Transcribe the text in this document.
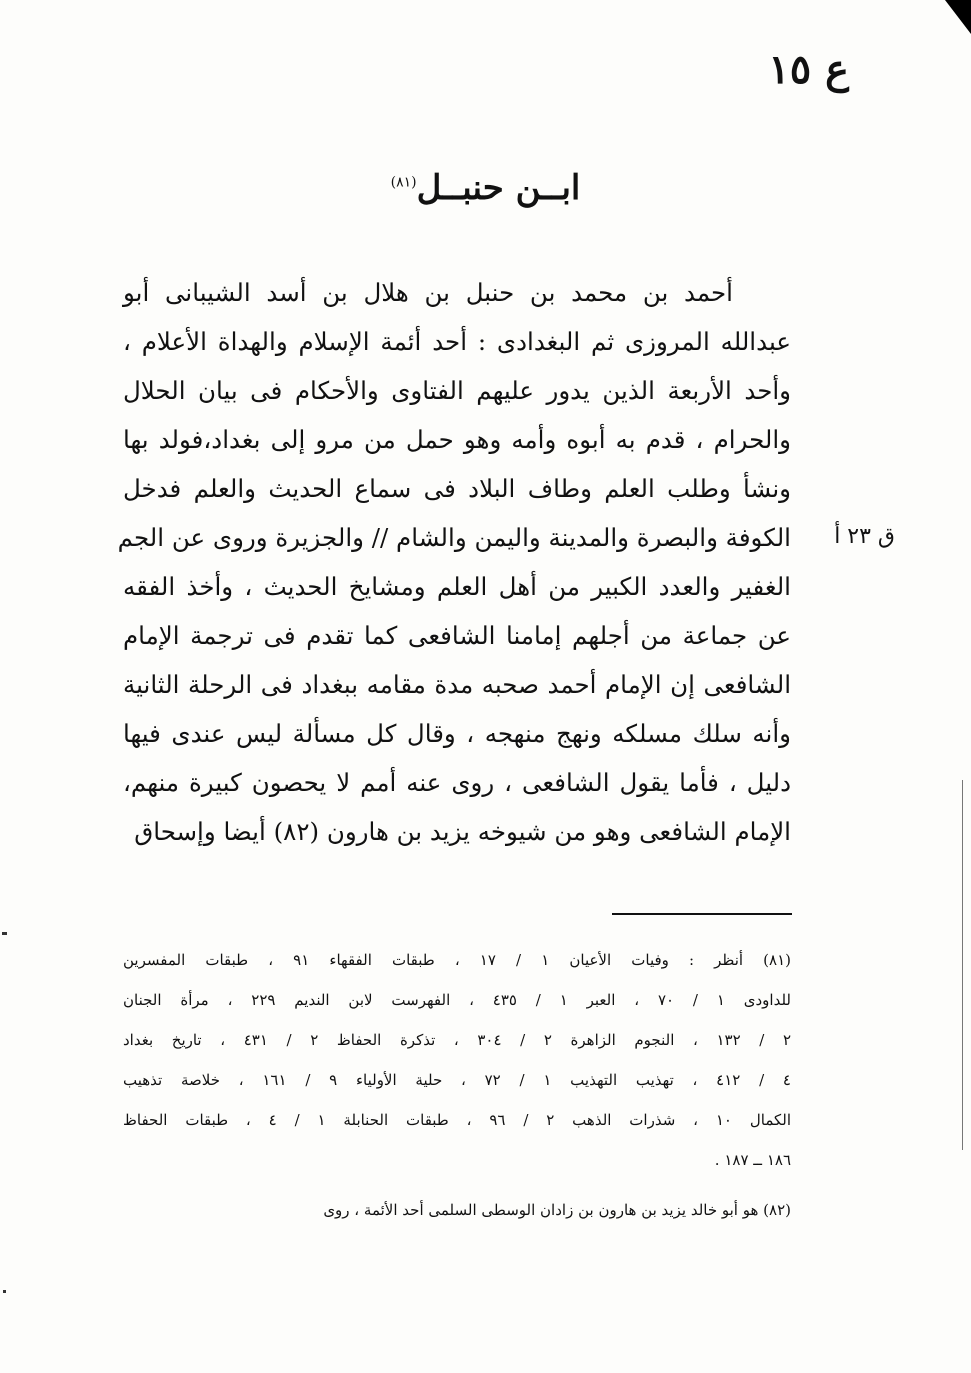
ع ١٥
ابــن حنبــل$^{(٨١)}$
أحمد بن محمد بن حنبل بن هلال بن أسد الشيبانى أبو
عبدالله المروزى ثم البغدادى : أحد أئمة الإسلام والهداة الأعلام ،
وأحد الأربعة الذين يدور عليهم الفتاوى والأحكام فى بيان الحلال
والحرام ، قدم به أبوه وأمه وهو حمل من مرو إلى بغداد،فولد بها
ونشأ وطلب العلم وطاف البلاد فى سماع الحديث والعلم فدخل
الكوفة والبصرة والمدينة واليمن والشام // والجزيرة وروى عن الجم
الغفير والعدد الكبير من أهل العلم ومشايخ الحديث ، وأخذ الفقه
عن جماعة من أجلهم إمامنا الشافعى كما تقدم فى ترجمة الإمام
الشافعى إن الإمام أحمد صحبه مدة مقامه ببغداد فى الرحلة الثانية
وأنه سلك مسلكه ونهج منهجه ، وقال كل مسألة ليس عندى فيها
دليل ، فأما يقول الشافعى ، روى عنه أمم لا يحصون كبيرة منهم،
الإمام الشافعى وهو من شيوخه يزيد بن هارون (٨٢) أيضا وإسحاق
ق ٢٣ أ
(٨١) أنظر : وفيات الأعيان ١ / ١٧ ، طبقات الفقهاء ٩١ ، طبقات المفسرين
للداودى ١ / ٧٠ ، العبر ١ / ٤٣٥ ، الفهرست لابن النديم ٢٢٩ ، مرأة الجنان
٢ / ١٣٢ ، النجوم الزاهرة ٢ / ٣٠٤ ، تذكرة الحفاظ ٢ / ٤٣١ ، تاريخ بغداد
٤ / ٤١٢ ، تهذيب التهذيب ١ / ٧٢ ، حلية الأولياء ٩ / ١٦١ ، خلاصة تذهيب
الكمال ١٠ ، شذرات الذهب ٢ / ٩٦ ، طبقات الحنابلة ١ / ٤ ، طبقات الحفاظ
١٨٦ ــ ١٨٧ .
(٨٢) هو أبو خالد يزيد بن هارون بن زادان الوسطى السلمى أحد الأئمة ، روى
